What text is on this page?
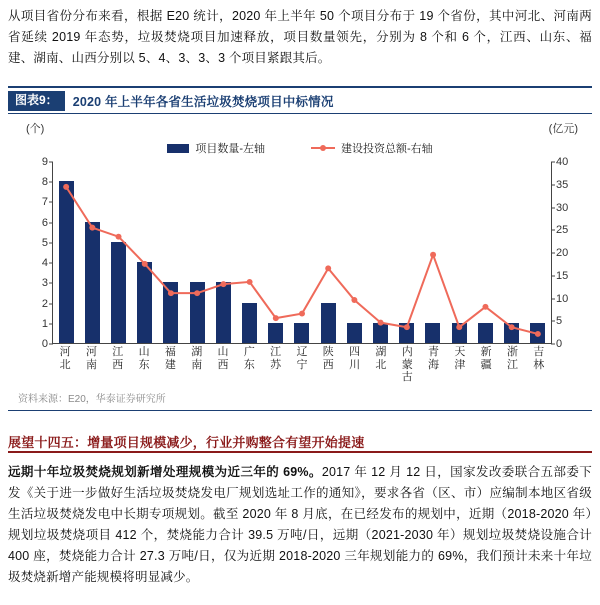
从项目省份分布来看，根据 E20 统计，2020 年上半年 50 个项目分布于 19 个省份，其中河北、河南两省延续 2019 年态势，垃圾焚烧项目加速释放，项目数量领先，分别为 8 个和 6 个，江西、山东、福建、湖南、山西分别以 5、4、3、3、3 个项目紧跟其后。
图表9：	2020 年上半年各省生活垃圾焚烧项目中标情况
(个)	(亿元)
项目数量-左轴	建设投资总额-右轴
0
1
2
3
4
5
6
7
8
9
0
5
10
15
20
25
30
35
40
河
北
河
南
江
西
山
东
福
建
湖
南
山
西
广
东
江
苏
辽
宁
陕
西
四
川
湖
北
内
蒙
古
青
海
天
津
新
疆
浙
江
吉
林
资料来源：E20，华泰证券研究所
展望十四五：增量项目规模减少，行业并购整合有望开始提速
远期十年垃圾焚烧规划新增处理规模为近三年的 69%。2017 年 12 月 12 日，国家发改委联合五部委下发《关于进一步做好生活垃圾焚烧发电厂规划选址工作的通知》，要求各省（区、市）应编制本地区省级生活垃圾焚烧发电中长期专项规划。截至 2020 年 8 月底，在已经发布的规划中，近期（2018-2020 年）规划垃圾焚烧项目 412 个，焚烧能力合计 39.5 万吨/日，远期（2021-2030 年）规划垃圾焚烧设施合计 400 座，焚烧能力合计 27.3 万吨/日，仅为近期 2018-2020 三年规划能力的 69%，我们预计未来十年垃圾焚烧新增产能规模将明显减少。
